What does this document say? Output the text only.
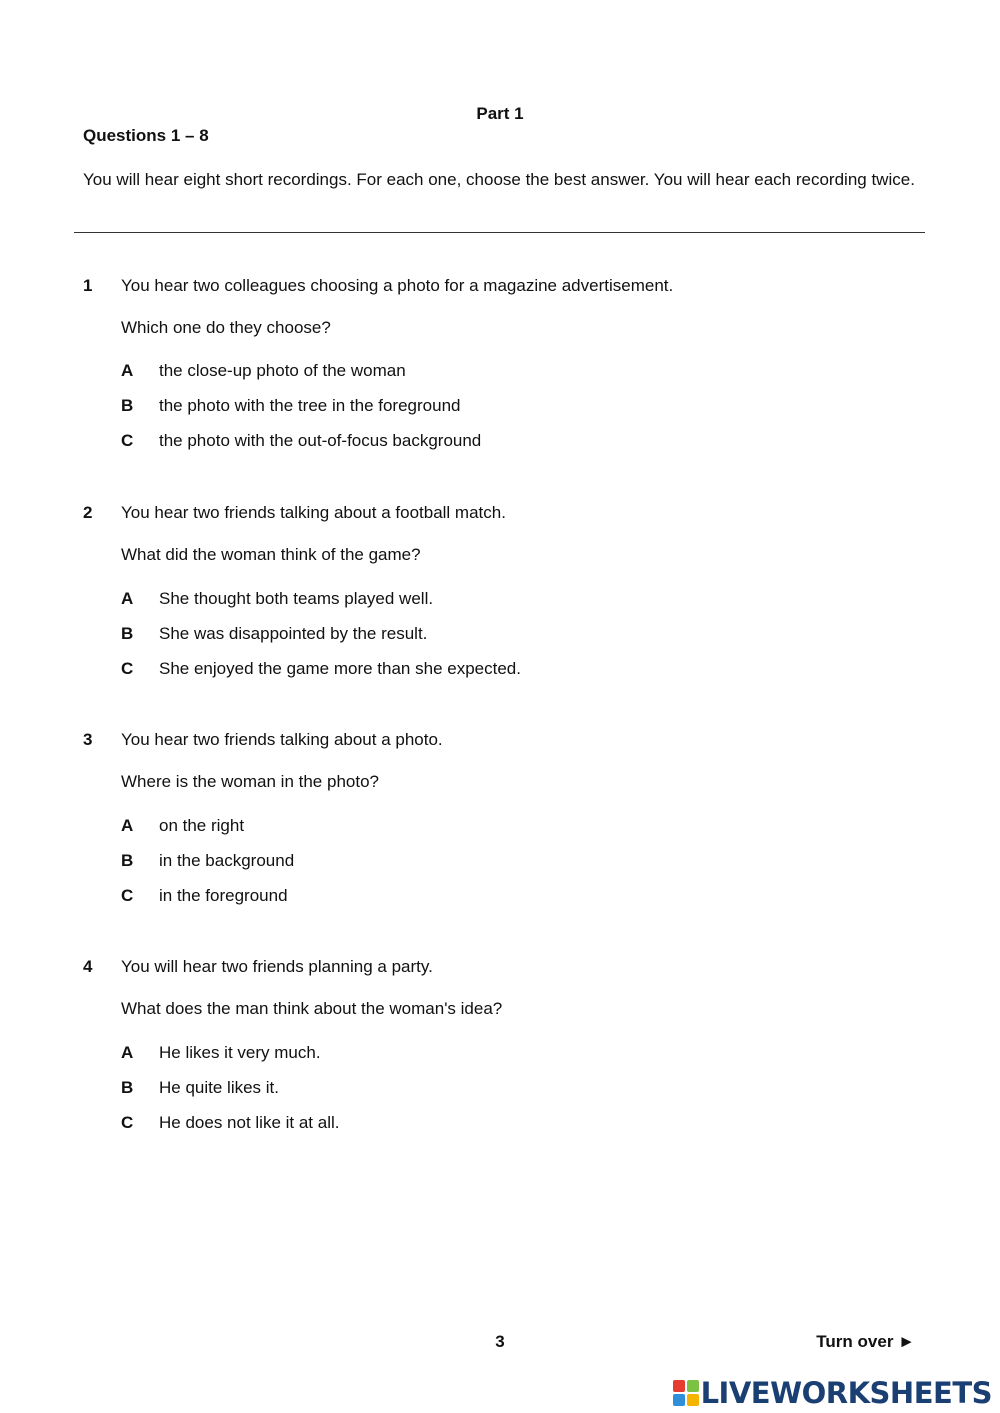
Part 1
Questions 1 – 8
You will hear eight short recordings. For each one, choose the best answer. You will hear each recording twice.
1 You hear two colleagues choosing a photo for a magazine advertisement.
Which one do they choose?
A the close-up photo of the woman
B the photo with the tree in the foreground
C the photo with the out-of-focus background
2 You hear two friends talking about a football match.
What did the woman think of the game?
A She thought both teams played well.
B She was disappointed by the result.
C She enjoyed the game more than she expected.
3 You hear two friends talking about a photo.
Where is the woman in the photo?
A on the right
B in the background
C in the foreground
4 You will hear two friends planning a party.
What does the man think about the woman's idea?
A He likes it very much.
B He quite likes it.
C He does not like it at all.
3	Turn over ►
LIVEWORKSHEETS
